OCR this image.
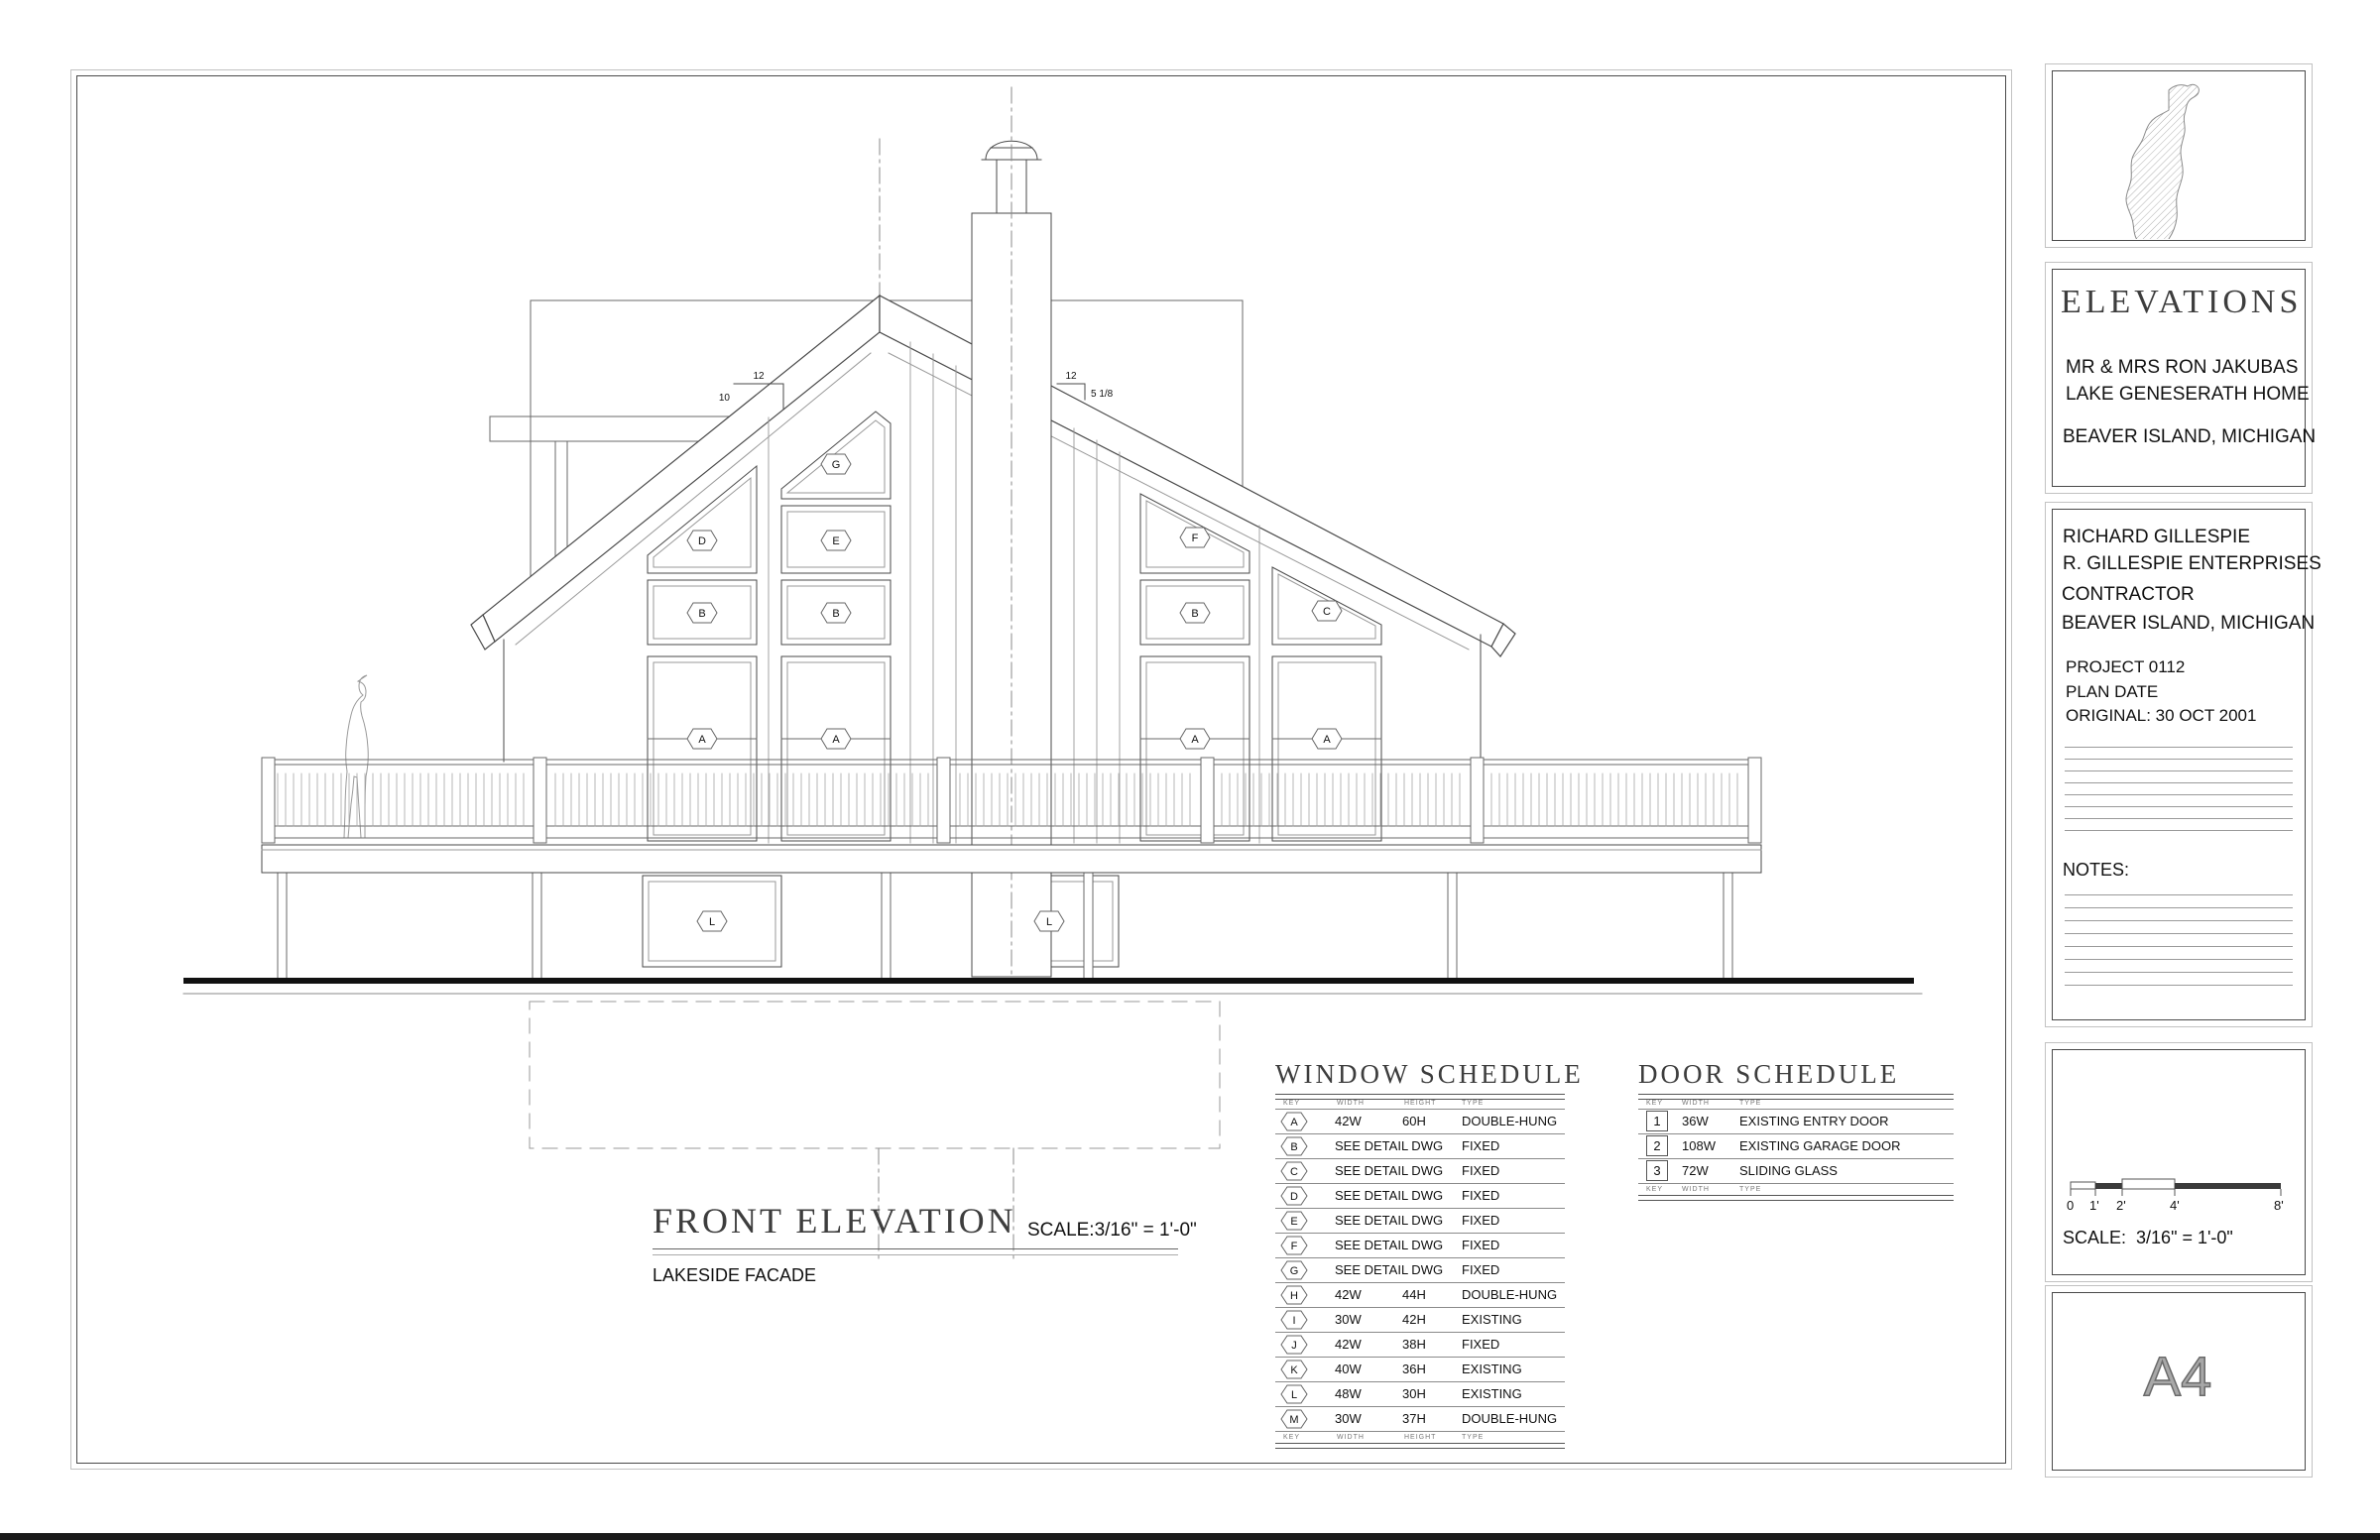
12
10
12
5 1/8
D
G
E	F
B	B	B	C
A	A	A	A
L	L
FRONT ELEVATION SCALE:3/16" = 1'-0"
LAKESIDE FACADE
WINDOW SCHEDULE
KEY	WIDTH	HEIGHT	TYPE
A	42W	60H	DOUBLE-HUNG
B	SEE DETAIL DWG FIXED
C	SEE DETAIL DWG FIXED
D	SEE DETAIL DWG FIXED
E	SEE DETAIL DWG FIXED
F	SEE DETAIL DWG FIXED
G	SEE DETAIL DWG FIXED
H	42W	44H	DOUBLE-HUNG
I	30W	42H	EXISTING
J	42W	38H	FIXED
K	40W	36H	EXISTING
L	48W	30H	EXISTING
M	30W	37H	DOUBLE-HUNG
KEY	WIDTH	HEIGHT	TYPE
DOOR SCHEDULE
KEY	WIDTH	TYPE
1	36W EXISTING ENTRY DOOR
2	108W EXISTING GARAGE DOOR
3	72W SLIDING GLASS
KEY	WIDTH	TYPE
ELEVATIONS
MR & MRS RON JAKUBAS
LAKE GENESERATH HOME
BEAVER ISLAND, MICHIGAN
RICHARD GILLESPIE
R. GILLESPIE ENTERPRISES
CONTRACTOR
BEAVER ISLAND, MICHIGAN
PROJECT 0112
PLAN DATE
ORIGINAL: 30 OCT 2001
NOTES:
0 1' 2'	4'	8'
SCALE:  3/16" = 1'-0"
A4
